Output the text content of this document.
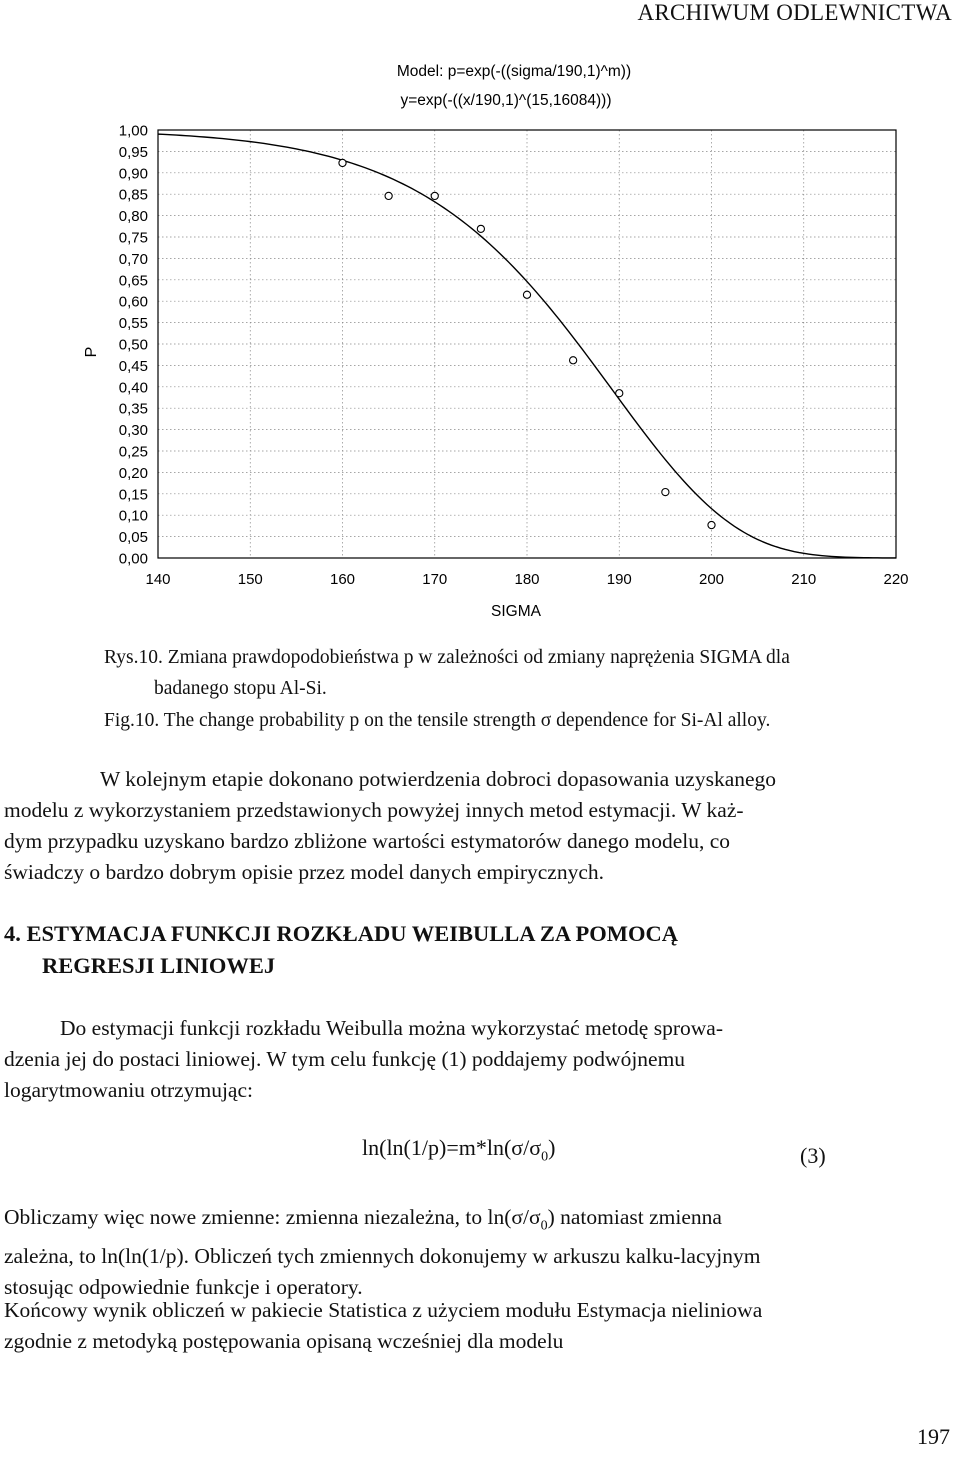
ARCHIWUM ODLEWNICTWA
Model: p=exp(-((sigma/190,1)^m))
y=exp(-((x/190,1)^(15,16084)))
0,00
0,05
0,10
0,15
0,20
0,25
0,30
0,35
0,40
0,45
0,50
0,55
0,60
0,65
0,70
0,75
0,80
0,85
0,90
0,95
1,00
140	150	160	170	180	190	200	210	220
P
SIGMA
Rys.10. Zmiana prawdopodobieństwa p w zależności od zmiany naprężenia SIGMA dla
badanego stopu Al-Si.
Fig.10. The change probability p on the tensile strength σ dependence for Si-Al alloy.
W kolejnym etapie dokonano potwierdzenia dobroci dopasowania uzyskanego
modelu z wykorzystaniem przedstawionych powyżej innych metod estymacji. W każ-
dym przypadku uzyskano bardzo zbliżone wartości estymatorów danego modelu, co
świadczy o bardzo dobrym opisie przez model danych empirycznych.
4. ESTYMACJA FUNKCJI ROZKŁADU WEIBULLA ZA POMOCĄ
REGRESJI LINIOWEJ
Do estymacji funkcji rozkładu Weibulla można wykorzystać metodę sprowa-
dzenia jej do postaci liniowej. W tym celu funkcję (1) poddajemy podwójnemu
logarytmowaniu otrzymując:
$\ln(\ln(1/p)=m*\ln(\sigma/\sigma_0)$	(3)
Obliczamy więc nowe zmienne: zmienna niezależna, to $\ln(\sigma/\sigma_0)$ natomiast zmienna
zależna, to ln(ln(1/p). Obliczeń tych zmiennych dokonujemy w arkuszu kalku-lacyjnym
stosując odpowiednie funkcje i operatory.
Końcowy wynik obliczeń w pakiecie Statistica z użyciem modułu Estymacja nieliniowa
zgodnie z metodyką postępowania opisaną wcześniej dla modelu
197
